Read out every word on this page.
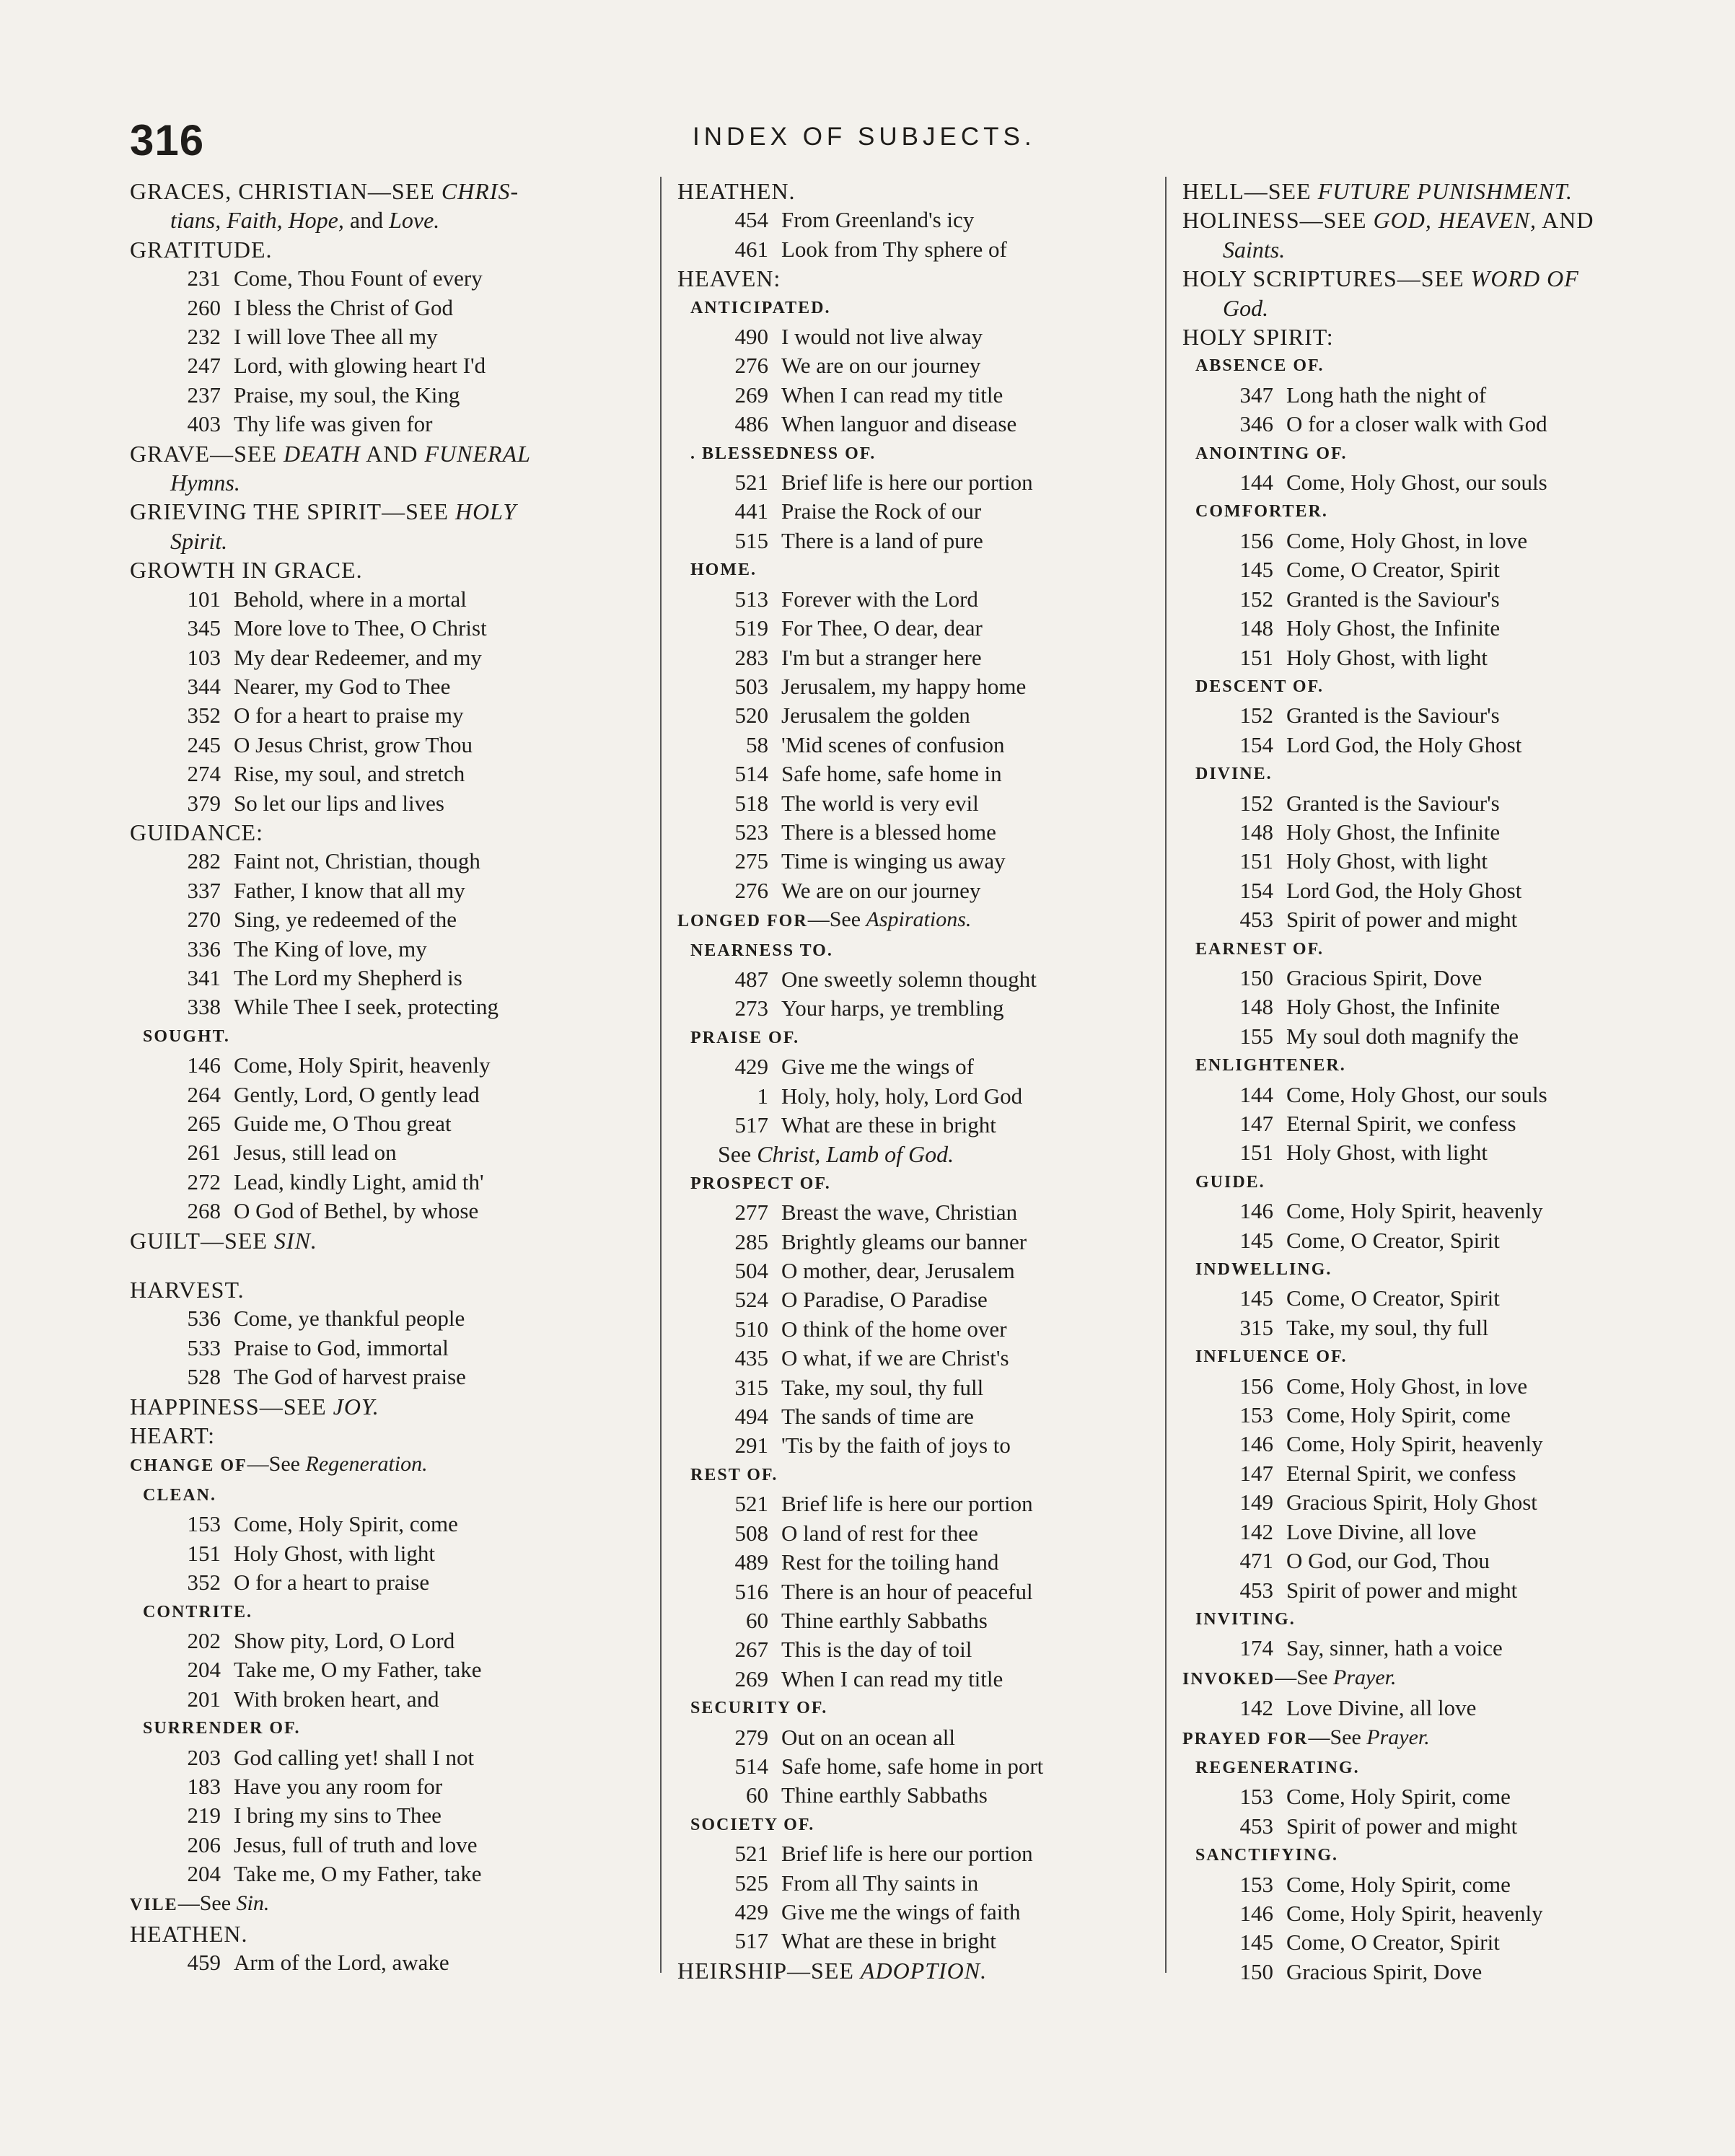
316	INDEX OF SUBJECTS.
GRACES, CHRISTIAN—SEE CHRIS-
tians, Faith, Hope, and Love.
GRATITUDE.
231 Come, Thou Fount of every
260 I bless the Christ of God
232 I will love Thee all my
247 Lord, with glowing heart I'd
237 Praise, my soul, the King
403 Thy life was given for
GRAVE—SEE DEATH AND FUNERAL
Hymns.
GRIEVING THE SPIRIT—SEE HOLY
Spirit.
GROWTH IN GRACE.
101 Behold, where in a mortal
345 More love to Thee, O Christ
103 My dear Redeemer, and my
344 Nearer, my God to Thee
352 O for a heart to praise my
245 O Jesus Christ, grow Thou
274 Rise, my soul, and stretch
379 So let our lips and lives
GUIDANCE:
282 Faint not, Christian, though
337 Father, I know that all my
270 Sing, ye redeemed of the
336 The King of love, my
341 The Lord my Shepherd is
338 While Thee I seek, protecting
SOUGHT.
146 Come, Holy Spirit, heavenly
264 Gently, Lord, O gently lead
265 Guide me, O Thou great
261 Jesus, still lead on
272 Lead, kindly Light, amid th'
268 O God of Bethel, by whose
GUILT—SEE SIN.
HARVEST.
536 Come, ye thankful people
533 Praise to God, immortal
528 The God of harvest praise
HAPPINESS—SEE JOY.
HEART:
CHANGE OF—See Regeneration.
CLEAN.
153 Come, Holy Spirit, come
151 Holy Ghost, with light
352 O for a heart to praise
CONTRITE.
202 Show pity, Lord, O Lord
204 Take me, O my Father, take
201 With broken heart, and
SURRENDER OF.
203 God calling yet! shall I not
183 Have you any room for
219 I bring my sins to Thee
206 Jesus, full of truth and love
204 Take me, O my Father, take
VILE—See Sin.
HEATHEN.
459 Arm of the Lord, awake
HEATHEN.
454 From Greenland's icy
461 Look from Thy sphere of
HEAVEN:
ANTICIPATED.
490 I would not live alway
276 We are on our journey
269 When I can read my title
486 When languor and disease
. BLESSEDNESS OF.
521 Brief life is here our portion
441 Praise the Rock of our
515 There is a land of pure
HOME.
513 Forever with the Lord
519 For Thee, O dear, dear
283 I'm but a stranger here
503 Jerusalem, my happy home
520 Jerusalem the golden
58 'Mid scenes of confusion
514 Safe home, safe home in
518 The world is very evil
523 There is a blessed home
275 Time is winging us away
276 We are on our journey
LONGED FOR—See Aspirations.
NEARNESS TO.
487 One sweetly solemn thought
273 Your harps, ye trembling
PRAISE OF.
429 Give me the wings of
1 Holy, holy, holy, Lord God
517 What are these in bright
See Christ, Lamb of God.
PROSPECT OF.
277 Breast the wave, Christian
285 Brightly gleams our banner
504 O mother, dear, Jerusalem
524 O Paradise, O Paradise
510 O think of the home over
435 O what, if we are Christ's
315 Take, my soul, thy full
494 The sands of time are
291 'Tis by the faith of joys to
REST OF.
521 Brief life is here our portion
508 O land of rest for thee
489 Rest for the toiling hand
516 There is an hour of peaceful
60 Thine earthly Sabbaths
267 This is the day of toil
269 When I can read my title
SECURITY OF.
279 Out on an ocean all
514 Safe home, safe home in port
60 Thine earthly Sabbaths
SOCIETY OF.
521 Brief life is here our portion
525 From all Thy saints in
429 Give me the wings of faith
517 What are these in bright
HEIRSHIP—SEE ADOPTION.
HELL—SEE FUTURE PUNISHMENT.
HOLINESS—SEE GOD, HEAVEN, AND
Saints.
HOLY SCRIPTURES—SEE WORD OF
God.
HOLY SPIRIT:
ABSENCE OF.
347 Long hath the night of
346 O for a closer walk with God
ANOINTING OF.
144 Come, Holy Ghost, our souls
COMFORTER.
156 Come, Holy Ghost, in love
145 Come, O Creator, Spirit
152 Granted is the Saviour's
148 Holy Ghost, the Infinite
151 Holy Ghost, with light
DESCENT OF.
152 Granted is the Saviour's
154 Lord God, the Holy Ghost
DIVINE.
152 Granted is the Saviour's
148 Holy Ghost, the Infinite
151 Holy Ghost, with light
154 Lord God, the Holy Ghost
453 Spirit of power and might
EARNEST OF.
150 Gracious Spirit, Dove
148 Holy Ghost, the Infinite
155 My soul doth magnify the
ENLIGHTENER.
144 Come, Holy Ghost, our souls
147 Eternal Spirit, we confess
151 Holy Ghost, with light
GUIDE.
146 Come, Holy Spirit, heavenly
145 Come, O Creator, Spirit
INDWELLING.
145 Come, O Creator, Spirit
315 Take, my soul, thy full
INFLUENCE OF.
156 Come, Holy Ghost, in love
153 Come, Holy Spirit, come
146 Come, Holy Spirit, heavenly
147 Eternal Spirit, we confess
149 Gracious Spirit, Holy Ghost
142 Love Divine, all love
471 O God, our God, Thou
453 Spirit of power and might
INVITING.
174 Say, sinner, hath a voice
INVOKED—See Prayer.
142 Love Divine, all love
PRAYED FOR—See Prayer.
REGENERATING.
153 Come, Holy Spirit, come
453 Spirit of power and might
SANCTIFYING.
153 Come, Holy Spirit, come
146 Come, Holy Spirit, heavenly
145 Come, O Creator, Spirit
150 Gracious Spirit, Dove
